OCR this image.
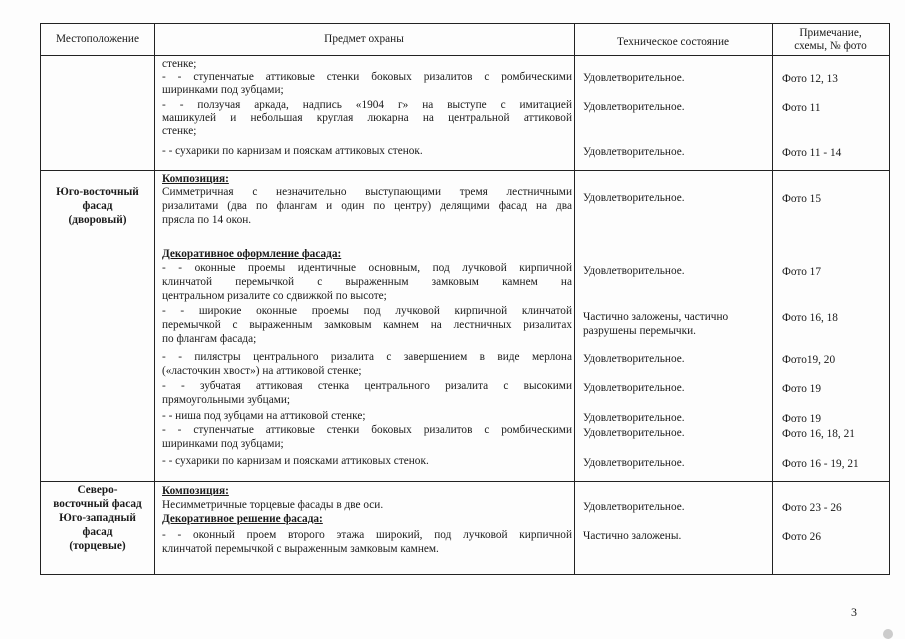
Местоположение	Предмет охраны	Техническое состояние
Примечание,
схемы, № фото
стенке;
- - ступенчатые аттиковые стенки боковых ризалитов с ромбическими
ширинками под зубцами;
- - ползучая аркада, надпись «1904 г» на выступе с имитацией
машикулей и небольшая круглая люкарна на центральной аттиковой
стенке;
- - сухарики по карнизам и пояскам аттиковых стенок.
Удовлетворительное.
Удовлетворительное.
Удовлетворительное.
Фото 12, 13
Фото 11
Фото 11 - 14
Юго-восточный
фасад
(дворовый)
Композиция:
Симметричная с незначительно выступающими тремя лестничными
ризалитами (два по флангам и один по центру) делящими фасад на два
прясла по 14 окон.
Декоративное оформление фасада:
- - оконные проемы идентичные основным, под лучковой кирпичной
клинчатой перемычкой с выраженным замковым камнем на
центральном ризалите со сдвижкой по высоте;
- - широкие оконные проемы под лучковой кирпичной клинчатой
перемычкой с выраженным замковым камнем на лестничных ризалитах
по флангам фасада;
- - пилястры центрального ризалита с завершением в виде мерлона
(«ласточкин хвост») на аттиковой стенке;
- - зубчатая аттиковая стенка центрального ризалита с высокими
прямоугольными зубцами;
- - ниша под зубцами на аттиковой стенке;
- - ступенчатые аттиковые стенки боковых ризалитов с ромбическими
ширинками под зубцами;
- - сухарики по карнизам и поясками аттиковых стенок.
Удовлетворительное.
Удовлетворительное.
Частично заложены, частично
разрушены перемычки.
Удовлетворительное.
Удовлетворительное.
Удовлетворительное.
Удовлетворительное.
Удовлетворительное.
Фото 15
Фото 17
Фото 16, 18
Фото19, 20
Фото 19
Фото 19
Фото 16, 18, 21
Фото 16 - 19, 21
Северо-
восточный фасад
Юго-западный
фасад
(торцевые)
Композиция:
Несимметричные торцевые фасады в две оси.
Декоративное решение фасада:
- - оконный проем второго этажа широкий, под лучковой кирпичной
клинчатой перемычкой с выраженным замковым камнем.
Удовлетворительное.
Частично заложены.
Фото 23 - 26
Фото 26
3
